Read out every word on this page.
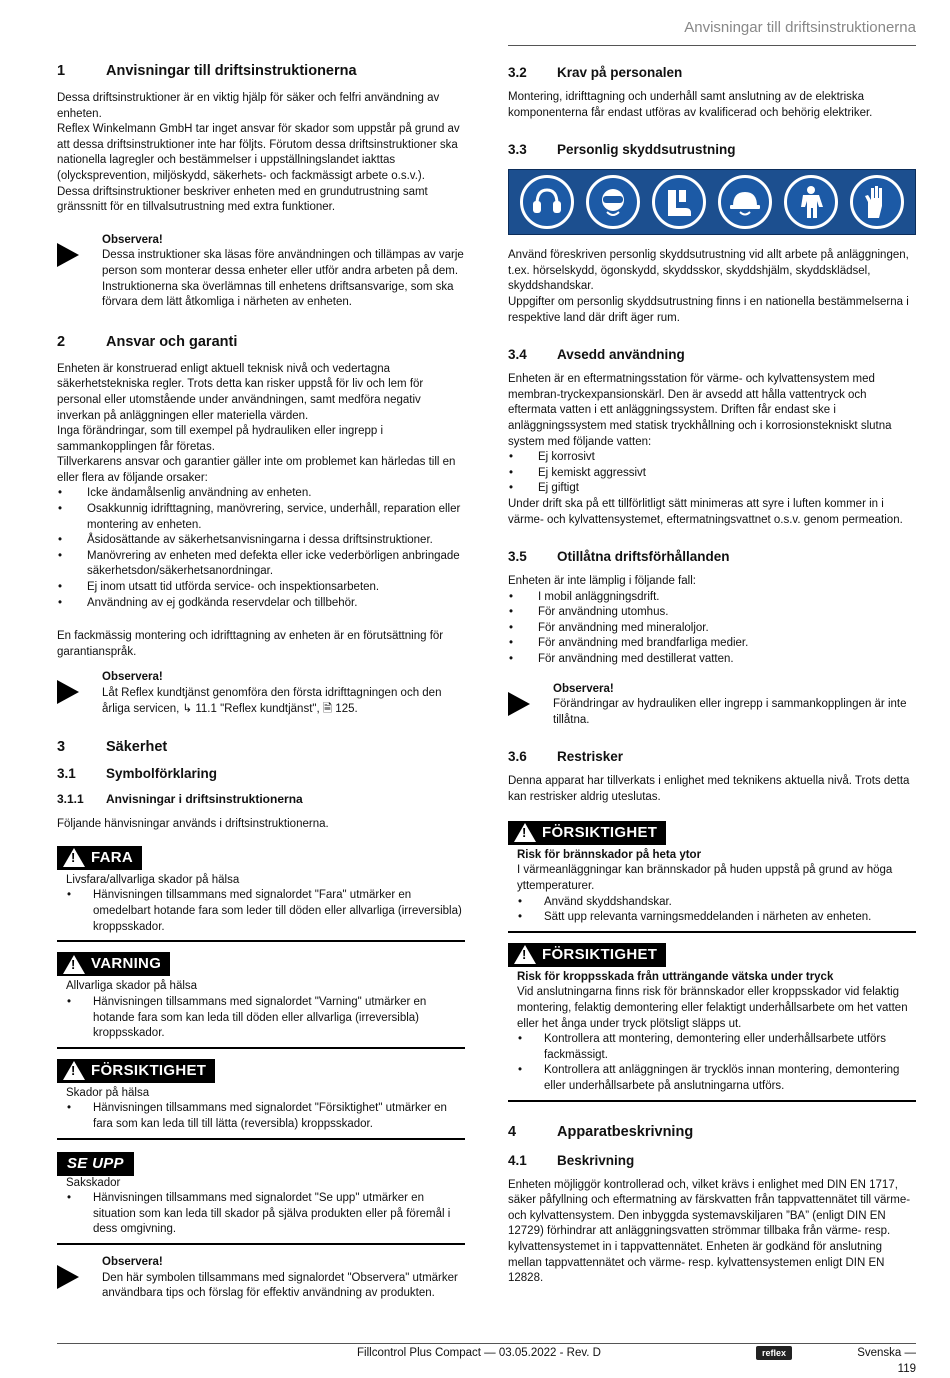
Anvisningar till driftsinstruktionerna
1	Anvisningar till driftsinstruktionerna

Dessa driftsinstruktioner är en viktig hjälp för säker och felfri användning av enheten.

Reflex Winkelmann GmbH tar inget ansvar för skador som uppstår på grund av att dessa driftsinstruktioner inte har följts. Förutom dessa driftsinstruktioner ska nationella lagregler och bestämmelser i uppställningslandet iakttas (olycksprevention, miljöskydd, säkerhets- och fackmässigt arbete o.s.v.).

Dessa driftsinstruktioner beskriver enheten med en grundutrustning samt gränssnitt för en tillvalsutrustning med extra funktioner.

Observera!
Dessa instruktioner ska läsas före användningen och tillämpas av varje person som monterar dessa enheter eller utför andra arbeten på dem. Instruktionerna ska överlämnas till enhetens driftsansvarige, som ska förvara dem lätt åtkomliga i närheten av enheten.
2	Ansvar och garanti

Enheten är konstruerad enligt aktuell teknisk nivå och vedertagna säkerhetstekniska regler. Trots detta kan risker uppstå för liv och lem för personal eller utomstående under användningen, samt medföra negativ inverkan på anläggningen eller materiella värden.

Inga förändringar, som till exempel på hydrauliken eller ingrepp i sammankopplingen får företas.

Tillverkarens ansvar och garantier gäller inte om problemet kan härledas till en eller flera av följande orsaker:

• Icke ändamålsenlig användning av enheten.
• Osakkunnig idrifttagning, manövrering, service, underhåll, reparation eller montering av enheten.
• Åsidosättande av säkerhetsanvisningarna i dessa driftsinstruktioner.
• Manövrering av enheten med defekta eller icke vederbörligen anbringade säkerhetsdon/säkerhetsanordningar.
• Ej inom utsatt tid utförda service- och inspektionsarbeten.
• Användning av ej godkända reservdelar och tillbehör.

En fackmässig montering och idrifttagning av enheten är en förutsättning för garantianspråk.

Observera!
Låt Reflex kundtjänst genomföra den första idrifttagningen och den årliga servicen, ↳ 11.1 "Reflex kundtjänst", 🗎 125.
3	Säkerhet
3.1	Symbolförklaring
3.1.1	Anvisningar i driftsinstruktionerna

Följande hänvisningar används i driftsinstruktionerna.

!
FARA
Livsfara/allvarliga skador på hälsa
• Hänvisningen tillsammans med signalordet "Fara" utmärker en omedelbart hotande fara som leder till döden eller allvarliga (irreversibla) kroppsskador.
!
VARNING
Allvarliga skador på hälsa
• Hänvisningen tillsammans med signalordet "Varning" utmärker en hotande fara som kan leda till döden eller allvarliga (irreversibla) kroppsskador.
!
FÖRSIKTIGHET
Skador på hälsa
• Hänvisningen tillsammans med signalordet "Försiktighet" utmärker en fara som kan leda till till lätta (reversibla) kroppsskador.
SE UPP
Sakskador
• Hänvisningen tillsammans med signalordet "Se upp" utmärker en situation som kan leda till skador på själva produkten eller på föremål i dess omgivning.
Observera!
Den här symbolen tillsammans med signalordet "Observera" utmärker användbara tips och förslag för effektiv användning av produkten.
3.2	Krav på personalen

Montering, idrifttagning och underhåll samt anslutning av de elektriska komponenterna får endast utföras av kvalificerad och behörig elektriker.

3.3	Personlig skyddsutrustning

Använd föreskriven personlig skyddsutrustning vid allt arbete på anläggningen, t.ex. hörselskydd, ögonskydd, skyddsskor, skyddshjälm, skyddsklädsel, skyddshandskar.

Uppgifter om personlig skyddsutrustning finns i en nationella bestämmelserna i respektive land där drift äger rum.

3.4	Avsedd användning

Enheten är en eftermatningsstation för värme- och kylvattensystem med membran-tryckexpansionskärl. Den är avsedd att hålla vattentryck och eftermata vatten i ett anläggningssystem. Driften får endast ske i anläggningssystem med statisk tryckhållning och i korrosionstekniskt slutna system med följande vatten:

• Ej korrosivt
• Ej kemiskt aggressivt
• Ej giftigt

Under drift ska på ett tillförlitligt sätt minimeras att syre i luften kommer in i värme- och kylvattensystemet, eftermatningsvattnet o.s.v. genom permeation.

3.5	Otillåtna driftsförhållanden

Enheten är inte lämplig i följande fall:

• I mobil anläggningsdrift.
• För användning utomhus.
• För användning med mineraloljor.
• För användning med brandfarliga medier.
• För användning med destillerat vatten.
Observera!
Förändringar av hydrauliken eller ingrepp i sammankopplingen är inte tillåtna.
3.6	Restrisker

Denna apparat har tillverkats i enlighet med teknikens aktuella nivå. Trots detta kan restrisker aldrig uteslutas.

!
FÖRSIKTIGHET
Risk för brännskador på heta ytor
I värmeanläggningar kan brännskador på huden uppstå på grund av höga yttemperaturer.
• Använd skyddshandskar.
• Sätt upp relevanta varningsmeddelanden i närheten av enheten.
!
FÖRSIKTIGHET
Risk för kroppsskada från utträngande vätska under tryck
Vid anslutningarna finns risk för brännskador eller kroppsskador vid felaktig montering, felaktig demontering eller felaktigt underhållsarbete om het vatten eller het ånga under tryck plötsligt släpps ut.
• Kontrollera att montering, demontering eller underhållsarbete utförs fackmässigt.
• Kontrollera att anläggningen är trycklös innan montering, demontering eller underhållsarbete på anslutningarna utförs.
4	Apparatbeskrivning
4.1	Beskrivning

Enheten möjliggör kontrollerad och, vilket krävs i enlighet med DIN EN 1717, säker påfyllning och eftermatning av färskvatten från tappvattennätet till värme- och kylvattensystem. Den inbyggda systemavskiljaren ”BA” (enligt DIN EN 12729) förhindrar att anläggningsvatten strömmar tillbaka från värme- resp. kylvattensystemet in i tappvattennätet. Enheten är godkänd för anslutning mellan tappvattennätet och värme- resp. kylvattensystemen enligt DIN EN 12828.

Fillcontrol Plus Compact — 03.05.2022 - Rev. D	reflex	Svenska — 119
